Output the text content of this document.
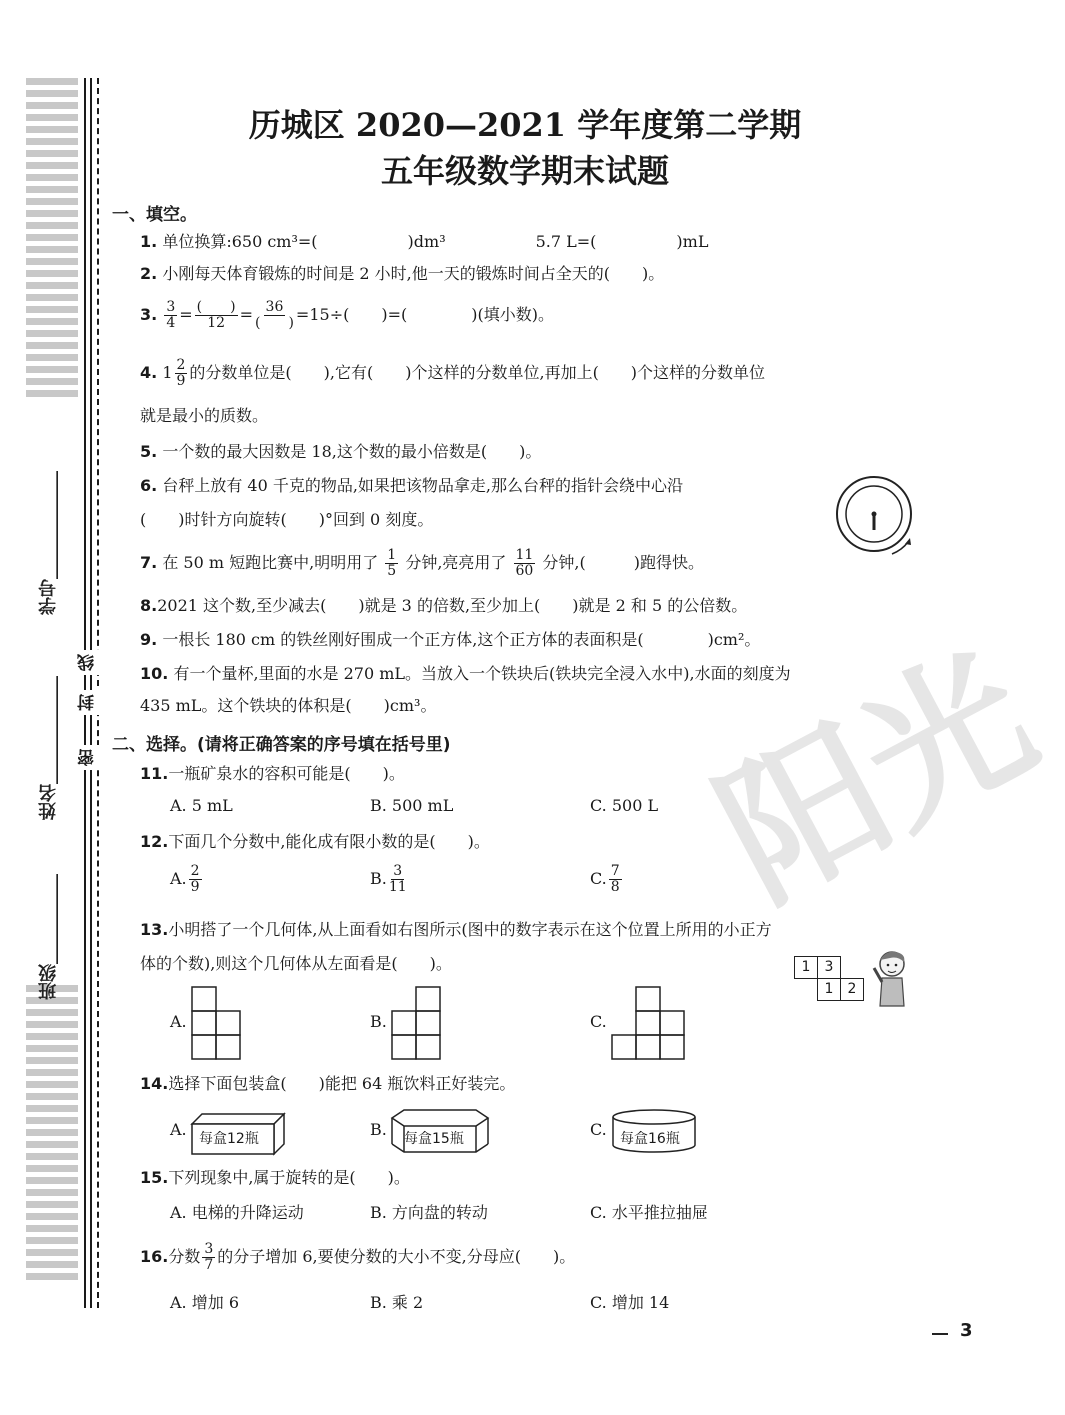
学号____________
姓名____________
班级__________
线
封
密	阳光
历城区 2020—2021 学年度第二学期
五年级数学期末试题
一、填空。
1. 单位换算:650 cm³=(	)dm³	5.7 L=(	)mL
2. 小刚每天体育锻炼的时间是 2 小时,他一天的锻炼时间占全天的(　　)。
3. $\frac{3}{4} = \frac{( )}{12} = \frac{36}{( )} =15\div$(　　)=(　　　　)(填小数)。
4. $1 \frac{2}{9}$ 的分数单位是(　　),它有(　　)个这样的分数单位,再加上(　　)个这样的分数单位
就是最小的质数。
5. 一个数的最大因数是 18,这个数的最小倍数是(　　)。
6. 台秤上放有 40 千克的物品,如果把该物品拿走,那么台秤的指针会绕中心沿
(　　)时针方向旋转(　　)°回到 0 刻度。
7. 在 50 m 短跑比赛中,明明用了 $\frac{1}{5}$ 分钟,亮亮用了 $\frac{11}{60}$ 分钟,(　　　)跑得快。
8.2021 这个数,至少减去(　　)就是 3 的倍数,至少加上(　　)就是 2 和 5 的公倍数。
9. 一根长 180 cm 的铁丝刚好围成一个正方体,这个正方体的表面积是(　　　　)cm²。
10. 有一个量杯,里面的水是 270 mL。当放入一个铁块后(铁块完全浸入水中),水面的刻度为
435 mL。这个铁块的体积是(　　)cm³。
二、选择。(请将正确答案的序号填在括号里)
11.一瓶矿泉水的容积可能是(　　)。
A. 5 mL	B. 500 mL	C. 500 L
12.下面几个分数中,能化成有限小数的是(　　)。
A. $\frac{2}{9}$	B. $\frac{3}{11}$	C. $\frac{7}{8}$
13.小明搭了一个几何体,从上面看如右图所示(图中的数字表示在这个位置上所用的小正方
体的个数),则这个几何体从左面看是(　　)。	1	3
1	2
A.	B.	C.
14.选择下面包装盒(　　)能把 64 瓶饮料正好装完。
A. 每盒12瓶	B. 每盒15瓶	C. 每盒16瓶
15.下列现象中,属于旋转的是(　　)。
A. 电梯的升降运动	B. 方向盘的转动	C. 水平推拉抽屉
16.分数 $\frac{3}{7}$ 的分子增加 6,要使分数的大小不变,分母应(　　)。
A. 增加 6	B. 乘 2	C. 增加 14
3
